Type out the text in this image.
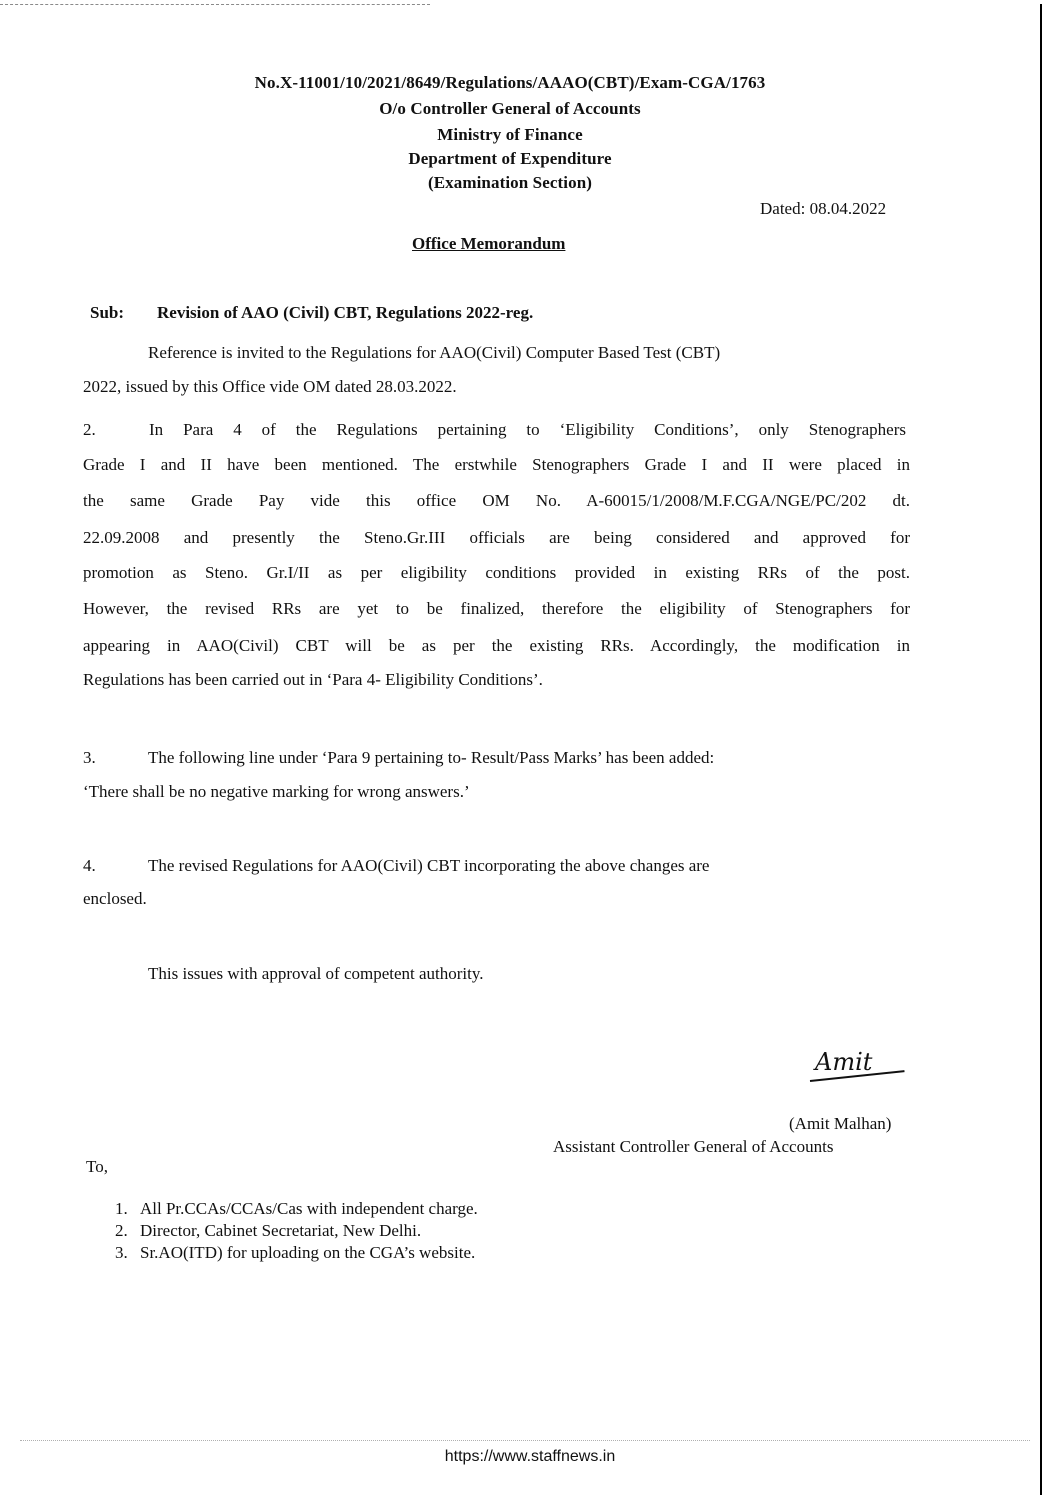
No.X-11001/10/2021/8649/Regulations/AAAO(CBT)/Exam-CGA/1763
O/o Controller General of Accounts
Ministry of Finance
Department of Expenditure
(Examination Section)
Dated: 08.04.2022
Office Memorandum
Sub: Revision of AAO (Civil) CBT, Regulations 2022-reg.
Reference is invited to the Regulations for AAO(Civil) Computer Based Test (CBT)
2022, issued by this Office vide OM dated 28.03.2022.
2.	In Para 4 of the Regulations pertaining to ‘Eligibility Conditions’, only Stenographers
Grade I and II have been mentioned. The erstwhile Stenographers Grade I and II were placed in
the same Grade Pay vide this office OM No. A-60015/1/2008/M.F.CGA/NGE/PC/202 dt.
22.09.2008 and presently the Steno.Gr.III officials are being considered and approved for
promotion as Steno. Gr.I/II as per eligibility conditions provided in existing RRs of the post.
However, the revised RRs are yet to be finalized, therefore the eligibility of Stenographers for
appearing in AAO(Civil) CBT will be as per the existing RRs. Accordingly, the modification in
Regulations has been carried out in ‘Para 4- Eligibility Conditions’.
3.	The following line under ‘Para 9 pertaining to- Result/Pass Marks’ has been added:
‘There shall be no negative marking for wrong answers.’
4.	The revised Regulations for AAO(Civil) CBT incorporating the above changes are
enclosed.
This issues with approval of competent authority.
Amit
(Amit Malhan)
Assistant Controller General of Accounts
To,
1. All Pr.CCAs/CCAs/Cas with independent charge.
2. Director, Cabinet Secretariat, New Delhi.
3. Sr.AO(ITD) for uploading on the CGA’s website.
https://www.staffnews.in
